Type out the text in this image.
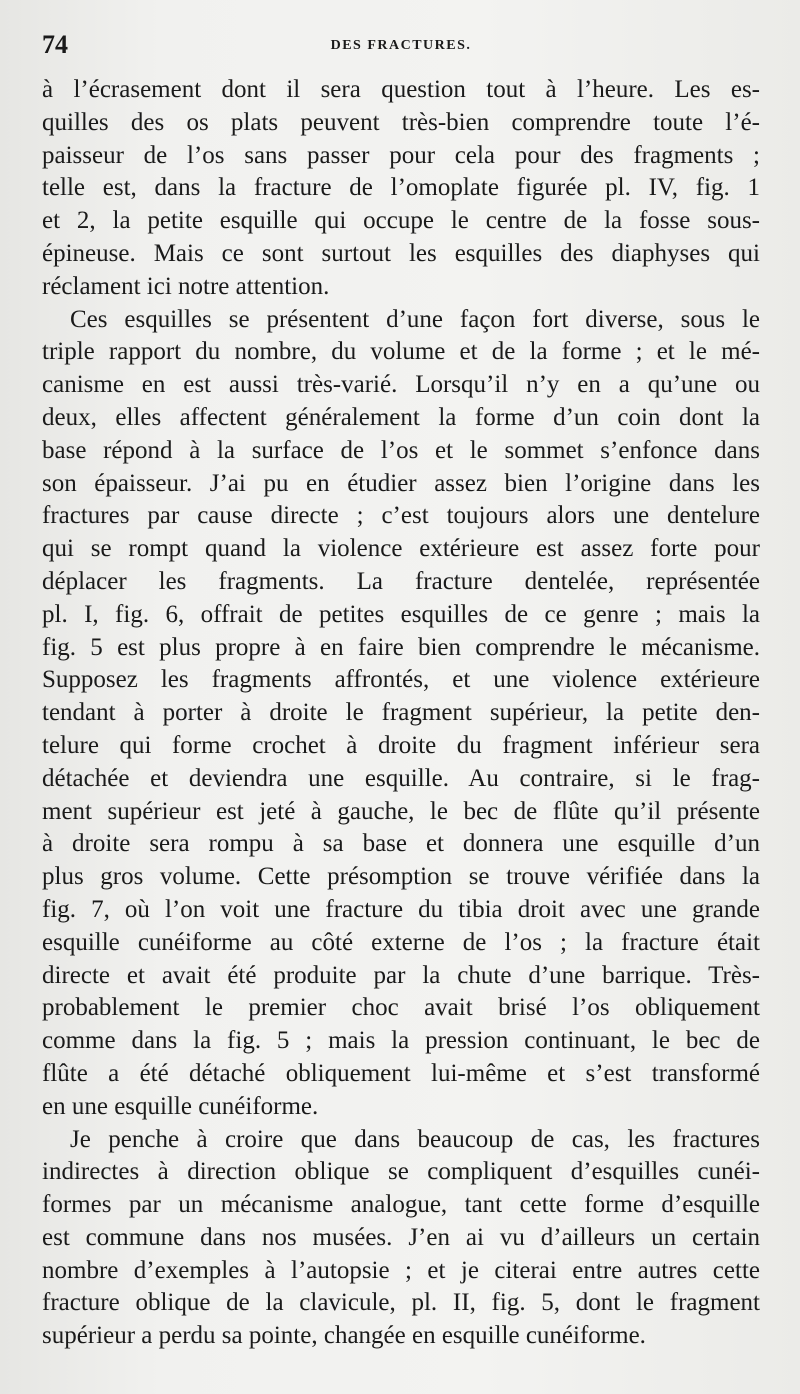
74	DES FRACTURES.
à l’écrasement dont il sera question tout à l’heure. Les es-
quilles des os plats peuvent très-bien comprendre toute l’é-
paisseur de l’os sans passer pour cela pour des fragments ;
telle est, dans la fracture de l’omoplate figurée pl. IV, fig. 1
et 2, la petite esquille qui occupe le centre de la fosse sous-
épineuse. Mais ce sont surtout les esquilles des diaphyses qui
réclament ici notre attention.
Ces esquilles se présentent d’une façon fort diverse, sous le
triple rapport du nombre, du volume et de la forme ; et le mé-
canisme en est aussi très-varié. Lorsqu’il n’y en a qu’une ou
deux, elles affectent généralement la forme d’un coin dont la
base répond à la surface de l’os et le sommet s’enfonce dans
son épaisseur. J’ai pu en étudier assez bien l’origine dans les
fractures par cause directe ; c’est toujours alors une dentelure
qui se rompt quand la violence extérieure est assez forte pour
déplacer les fragments. La fracture dentelée, représentée
pl. I, fig. 6, offrait de petites esquilles de ce genre ; mais la
fig. 5 est plus propre à en faire bien comprendre le mécanisme.
Supposez les fragments affrontés, et une violence extérieure
tendant à porter à droite le fragment supérieur, la petite den-
telure qui forme crochet à droite du fragment inférieur sera
détachée et deviendra une esquille. Au contraire, si le frag-
ment supérieur est jeté à gauche, le bec de flûte qu’il présente
à droite sera rompu à sa base et donnera une esquille d’un
plus gros volume. Cette présomption se trouve vérifiée dans la
fig. 7, où l’on voit une fracture du tibia droit avec une grande
esquille cunéiforme au côté externe de l’os ; la fracture était
directe et avait été produite par la chute d’une barrique. Très-
probablement le premier choc avait brisé l’os obliquement
comme dans la fig. 5 ; mais la pression continuant, le bec de
flûte a été détaché obliquement lui-même et s’est transformé
en une esquille cunéiforme.
Je penche à croire que dans beaucoup de cas, les fractures
indirectes à direction oblique se compliquent d’esquilles cunéi-
formes par un mécanisme analogue, tant cette forme d’esquille
est commune dans nos musées. J’en ai vu d’ailleurs un certain
nombre d’exemples à l’autopsie ; et je citerai entre autres cette
fracture oblique de la clavicule, pl. II, fig. 5, dont le fragment
supérieur a perdu sa pointe, changée en esquille cunéiforme.
